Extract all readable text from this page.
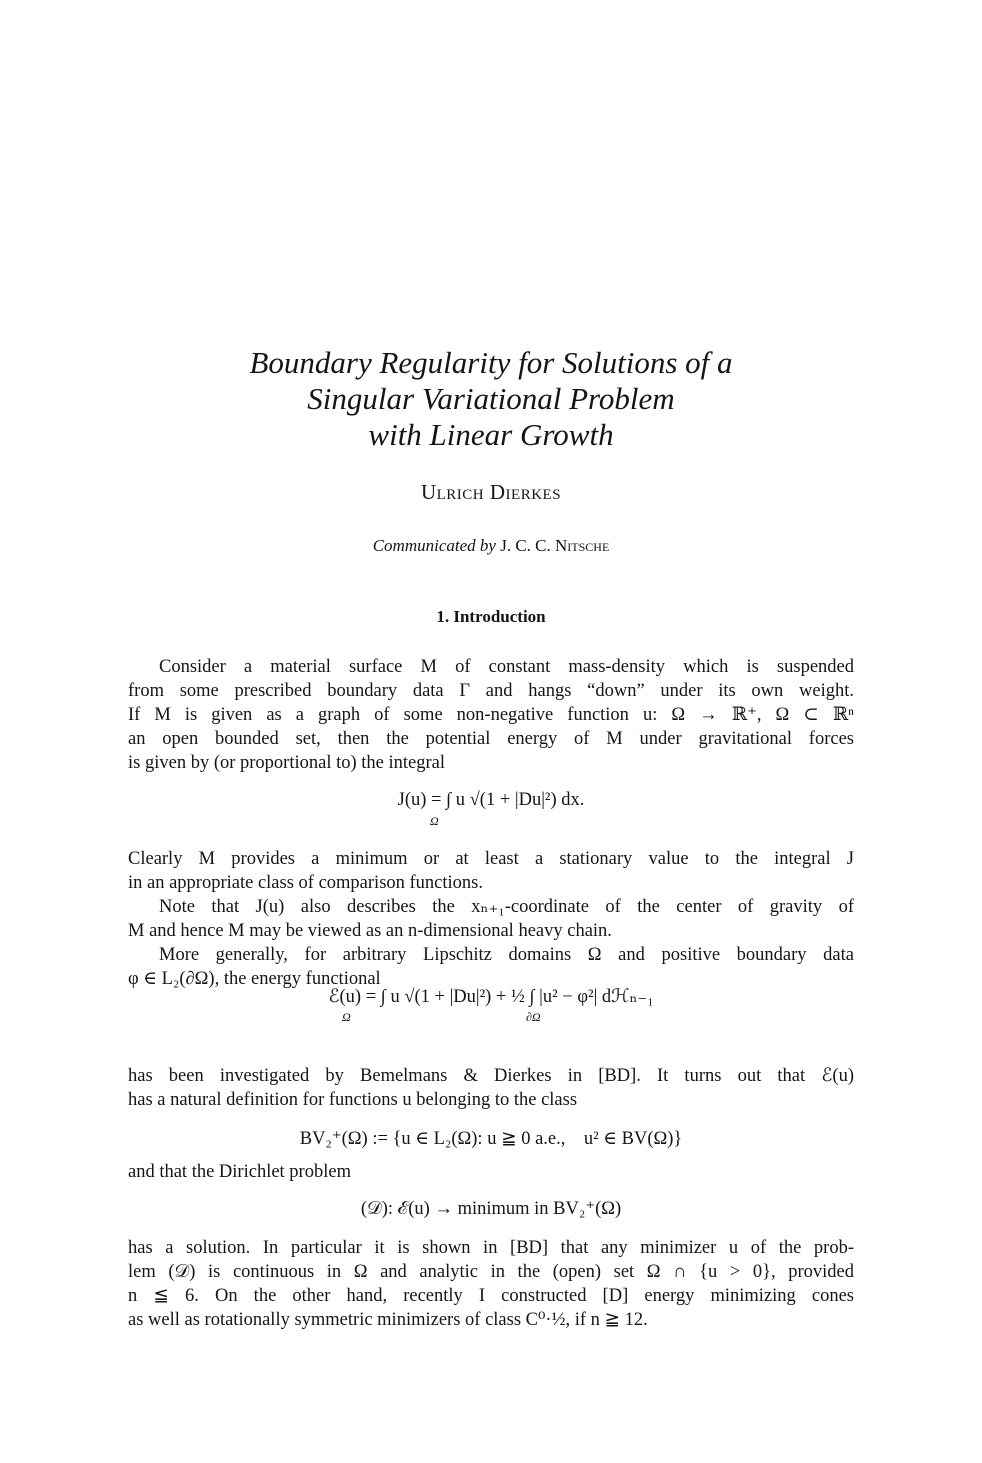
Boundary Regularity for Solutions of a
Singular Variational Problem
with Linear Growth
Ulrich Dierkes
Communicated by J. C. C. Nitsche
1. Introduction
Consider a material surface M of constant mass-density which is suspended
from some prescribed boundary data Γ and hangs “down” under its own weight.
If M is given as a graph of some non-negative function u: Ω → ℝ⁺, Ω ⊂ ℝⁿ
an open bounded set, then the potential energy of M under gravitational forces
is given by (or proportional to) the integral
J(u) = ∫ u √(1 + |Du|²) dx.
Ω
Clearly M provides a minimum or at least a stationary value to the integral J
in an appropriate class of comparison functions.
Note that J(u) also describes the xₙ₊₁-coordinate of the center of gravity of
M and hence M may be viewed as an n-dimensional heavy chain.
More generally, for arbitrary Lipschitz domains Ω and positive boundary data
φ ∈ L₂(∂Ω), the energy functional
ℰ(u) = ∫ u √(1 + |Du|²) + ½ ∫ |u² − φ²| dℋₙ₋₁
Ω	∂Ω
has been investigated by Bemelmans & Dierkes in [BD]. It turns out that ℰ(u)
has a natural definition for functions u belonging to the class
BV₂⁺(Ω) := {u ∈ L₂(Ω): u ≧ 0 a.e.,    u² ∈ BV(Ω)}
and that the Dirichlet problem
(𝒟): ℰ(u) → minimum in BV₂⁺(Ω)
has a solution. In particular it is shown in [BD] that any minimizer u of the prob-
lem (𝒟) is continuous in Ω and analytic in the (open) set Ω ∩ {u > 0}, provided
n ≦ 6. On the other hand, recently I constructed [D] energy minimizing cones
as well as rotationally symmetric minimizers of class C⁰·½, if n ≧ 12.
